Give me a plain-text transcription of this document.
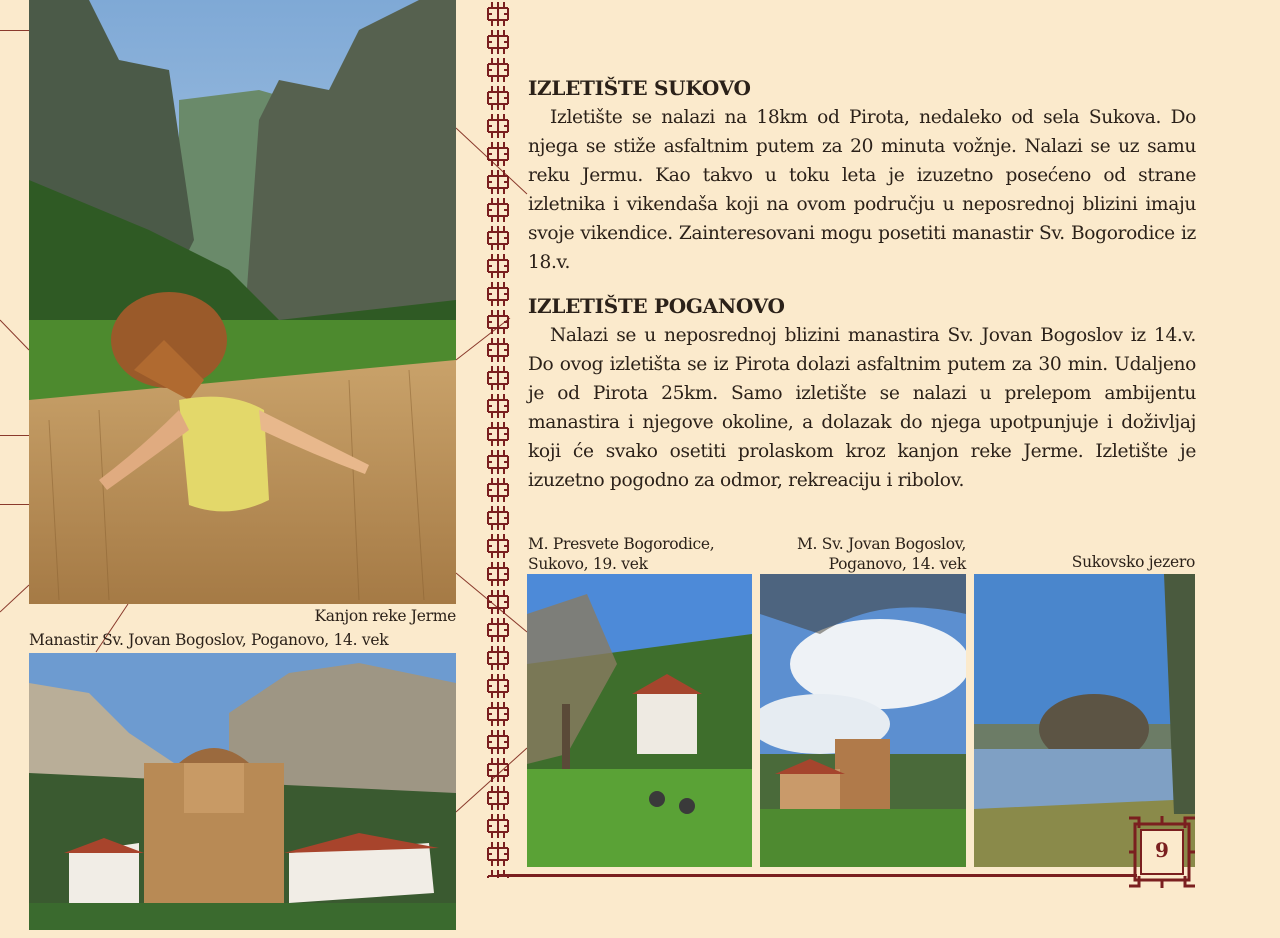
Kanjon reke Jerme
Manastir Sv. Jovan Bogoslov, Poganovo, 14. vek
IZLETIŠTE SUKOVO
Izletište se nalazi na 18km od Pirota, nedaleko od sela Sukova. Do njega se stiže asfaltnim putem za 20 minuta vožnje. Nalazi se uz samu reku Jermu. Kao takvo u toku leta je izuzetno posećeno od strane izletnika i vikendaša koji na ovom području u neposrednoj blizini imaju svoje vikendice. Zainteresovani mogu posetiti manastir Sv. Bogorodice iz 18.v.
IZLETIŠTE POGANOVO
Nalazi se u neposrednoj blizini manastira Sv. Jovan Bogoslov iz 14.v. Do ovog izletišta se iz Pirota dolazi asfaltnim putem za 30 min. Udaljeno je od Pirota 25km. Samo izletište se nalazi u prelepom ambijentu manastira i njegove okoline, a dolazak do njega upotpunjuje i doživljaj koji će svako osetiti prolaskom kroz kanjon reke Jerme. Izletište je izuzetno pogodno za odmor, rekreaciju i ribolov.
M. Presvete Bogorodice,
Sukovo, 19. vek
M. Sv. Jovan Bogoslov,
Poganovo, 14. vek	Sukovsko jezero
9
